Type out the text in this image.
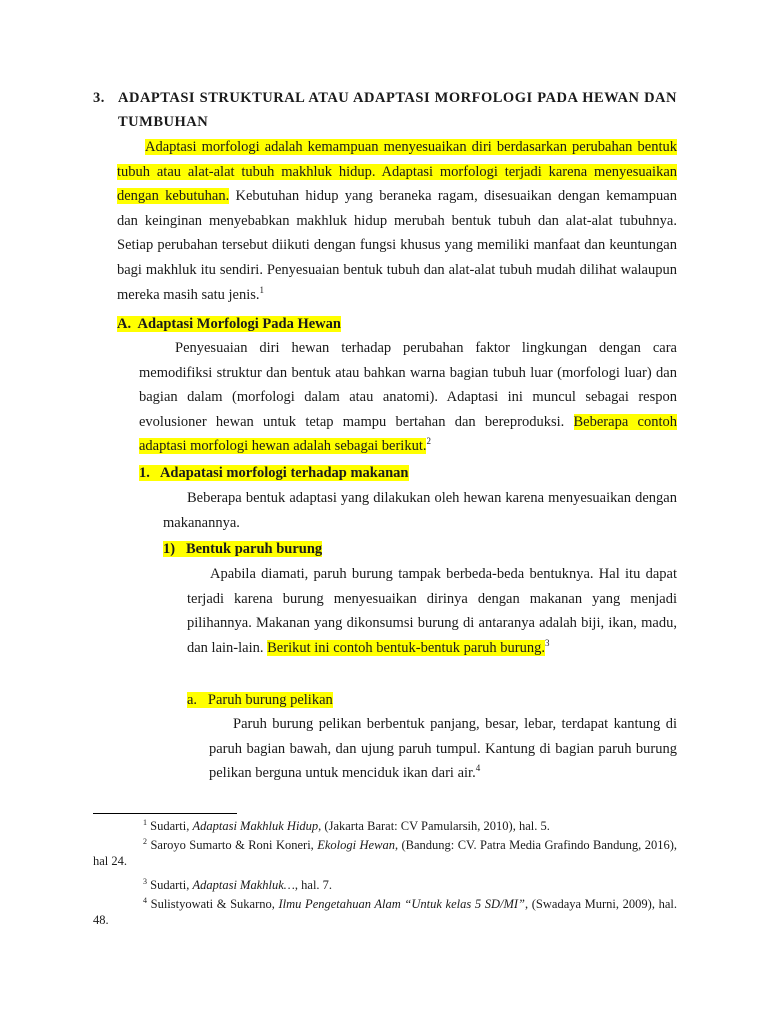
3. ADAPTASI STRUKTURAL ATAU ADAPTASI MORFOLOGI PADA HEWAN DAN TUMBUHAN
Adaptasi morfologi adalah kemampuan menyesuaikan diri berdasarkan perubahan bentuk tubuh atau alat-alat tubuh makhluk hidup. Adaptasi morfologi terjadi karena menyesuaikan dengan kebutuhan. Kebutuhan hidup yang beraneka ragam, disesuaikan dengan kemampuan dan keinginan menyebabkan makhluk hidup merubah bentuk tubuh dan alat-alat tubuhnya. Setiap perubahan tersebut diikuti dengan fungsi khusus yang memiliki manfaat dan keuntungan bagi makhluk itu sendiri. Penyesuaian bentuk tubuh dan alat-alat tubuh mudah dilihat walaupun mereka masih satu jenis.$^1$
A.  Adaptasi Morfologi Pada Hewan
Penyesuaian diri hewan terhadap perubahan faktor lingkungan dengan cara memodifiksi struktur dan bentuk atau bahkan warna bagian tubuh luar (morfologi luar) dan bagian dalam (morfologi dalam atau anatomi). Adaptasi ini muncul sebagai respon evolusioner hewan untuk tetap mampu bertahan dan bereproduksi. Beberapa contoh adaptasi morfologi hewan adalah sebagai berikut.$^2$
1.   Adapatasi morfologi terhadap makanan
Beberapa bentuk adaptasi yang dilakukan oleh hewan karena menyesuaikan dengan makanannya.
1)   Bentuk paruh burung
Apabila diamati, paruh burung tampak berbeda-beda bentuknya. Hal itu dapat terjadi karena burung menyesuaikan dirinya dengan makanan yang menjadi pilihannya. Makanan yang dikonsumsi burung di antaranya adalah biji, ikan, madu, dan lain-lain. Berikut ini contoh bentuk-bentuk paruh burung.$^3$
a.   Paruh burung pelikan
Paruh burung pelikan berbentuk panjang, besar, lebar, terdapat kantung di paruh bagian bawah, dan ujung paruh tumpul. Kantung di bagian paruh burung pelikan berguna untuk menciduk ikan dari air.$^4$
$^1$ Sudarti, Adaptasi Makhluk Hidup, (Jakarta Barat: CV Pamularsih, 2010), hal. 5.
$^2$ Saroyo Sumarto & Roni Koneri, Ekologi Hewan, (Bandung: CV. Patra Media Grafindo Bandung, 2016), hal 24.
$^3$ Sudarti, Adaptasi Makhluk…, hal. 7.
$^4$ Sulistyowati & Sukarno, Ilmu Pengetahuan Alam “Untuk kelas 5 SD/MI”, (Swadaya Murni, 2009), hal. 48.
